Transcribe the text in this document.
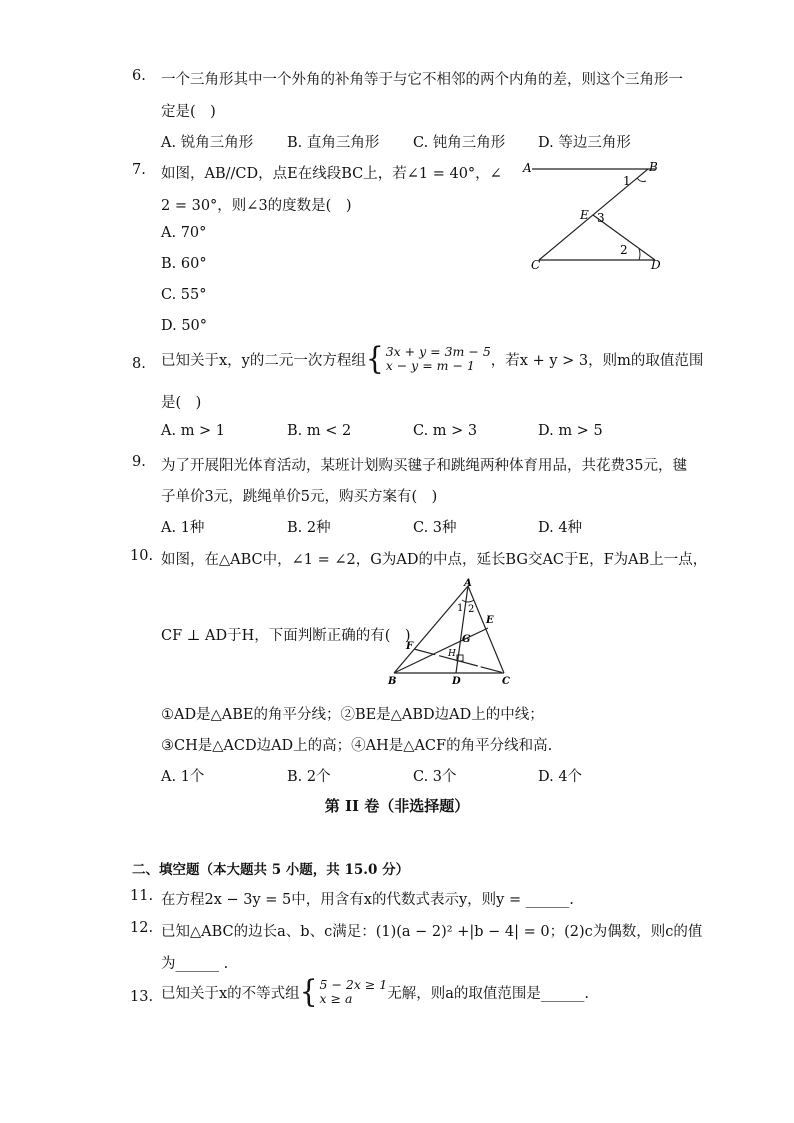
6.	一个三角形其中一个外角的补角等于与它不相邻的两个内角的差，则这个三角形一
定是(　)
A. 锐角三角形 B. 直角三角形 C. 钝角三角形 D. 等边三角形
7.	如图，AB//CD，点E在线段BC上，若∠1 = 40°，∠
2 = 30°，则∠3的度数是(　)
A. 70°
B. 60°
C. 55°
D. 50°
A	B
1
E 3
2
C	D
8.	已知关于x，y的二元一次方程组 { 3x + y = 3m − 5
x − y = m − 1	，若x + y > 3，则m的取值范围
是(　)
A. m > 1	B. m < 2	C. m > 3	D. m > 5
9.	为了开展阳光体育活动，某班计划购买毽子和跳绳两种体育用品，共花费35元，毽
子单价3元，跳绳单价5元，购买方案有(　)
A. 1种	B. 2种	C. 3种	D. 4种
10. 如图，在△ABC中，∠1 = ∠2，G为AD的中点，延长BG交AC于E，F为AB上一点，
CF ⊥ AD于H，下面判断正确的有(　)
A
1 2
E
G
F
H
B	D	C
①AD是△ABE的角平分线；②BE是△ABD边AD上的中线；
③CH是△ACD边AD上的高；④AH是△ACF的角平分线和高.
A. 1个	B. 2个	C. 3个	D. 4个
第 II 卷（非选择题）
二、填空题（本大题共 5 小题，共 15.0 分）
11. 在方程2x − 3y = 5中，用含有x的代数式表示y，则y = ______.
12. 已知△ABC的边长a、b、c满足：(1)(a − 2)² +|b − 4| = 0；(2)c为偶数，则c的值
为______ .
13. 已知关于x的不等式组 { 5 − 2x ≥ 1
x ≥ a	无解，则a的取值范围是______.
